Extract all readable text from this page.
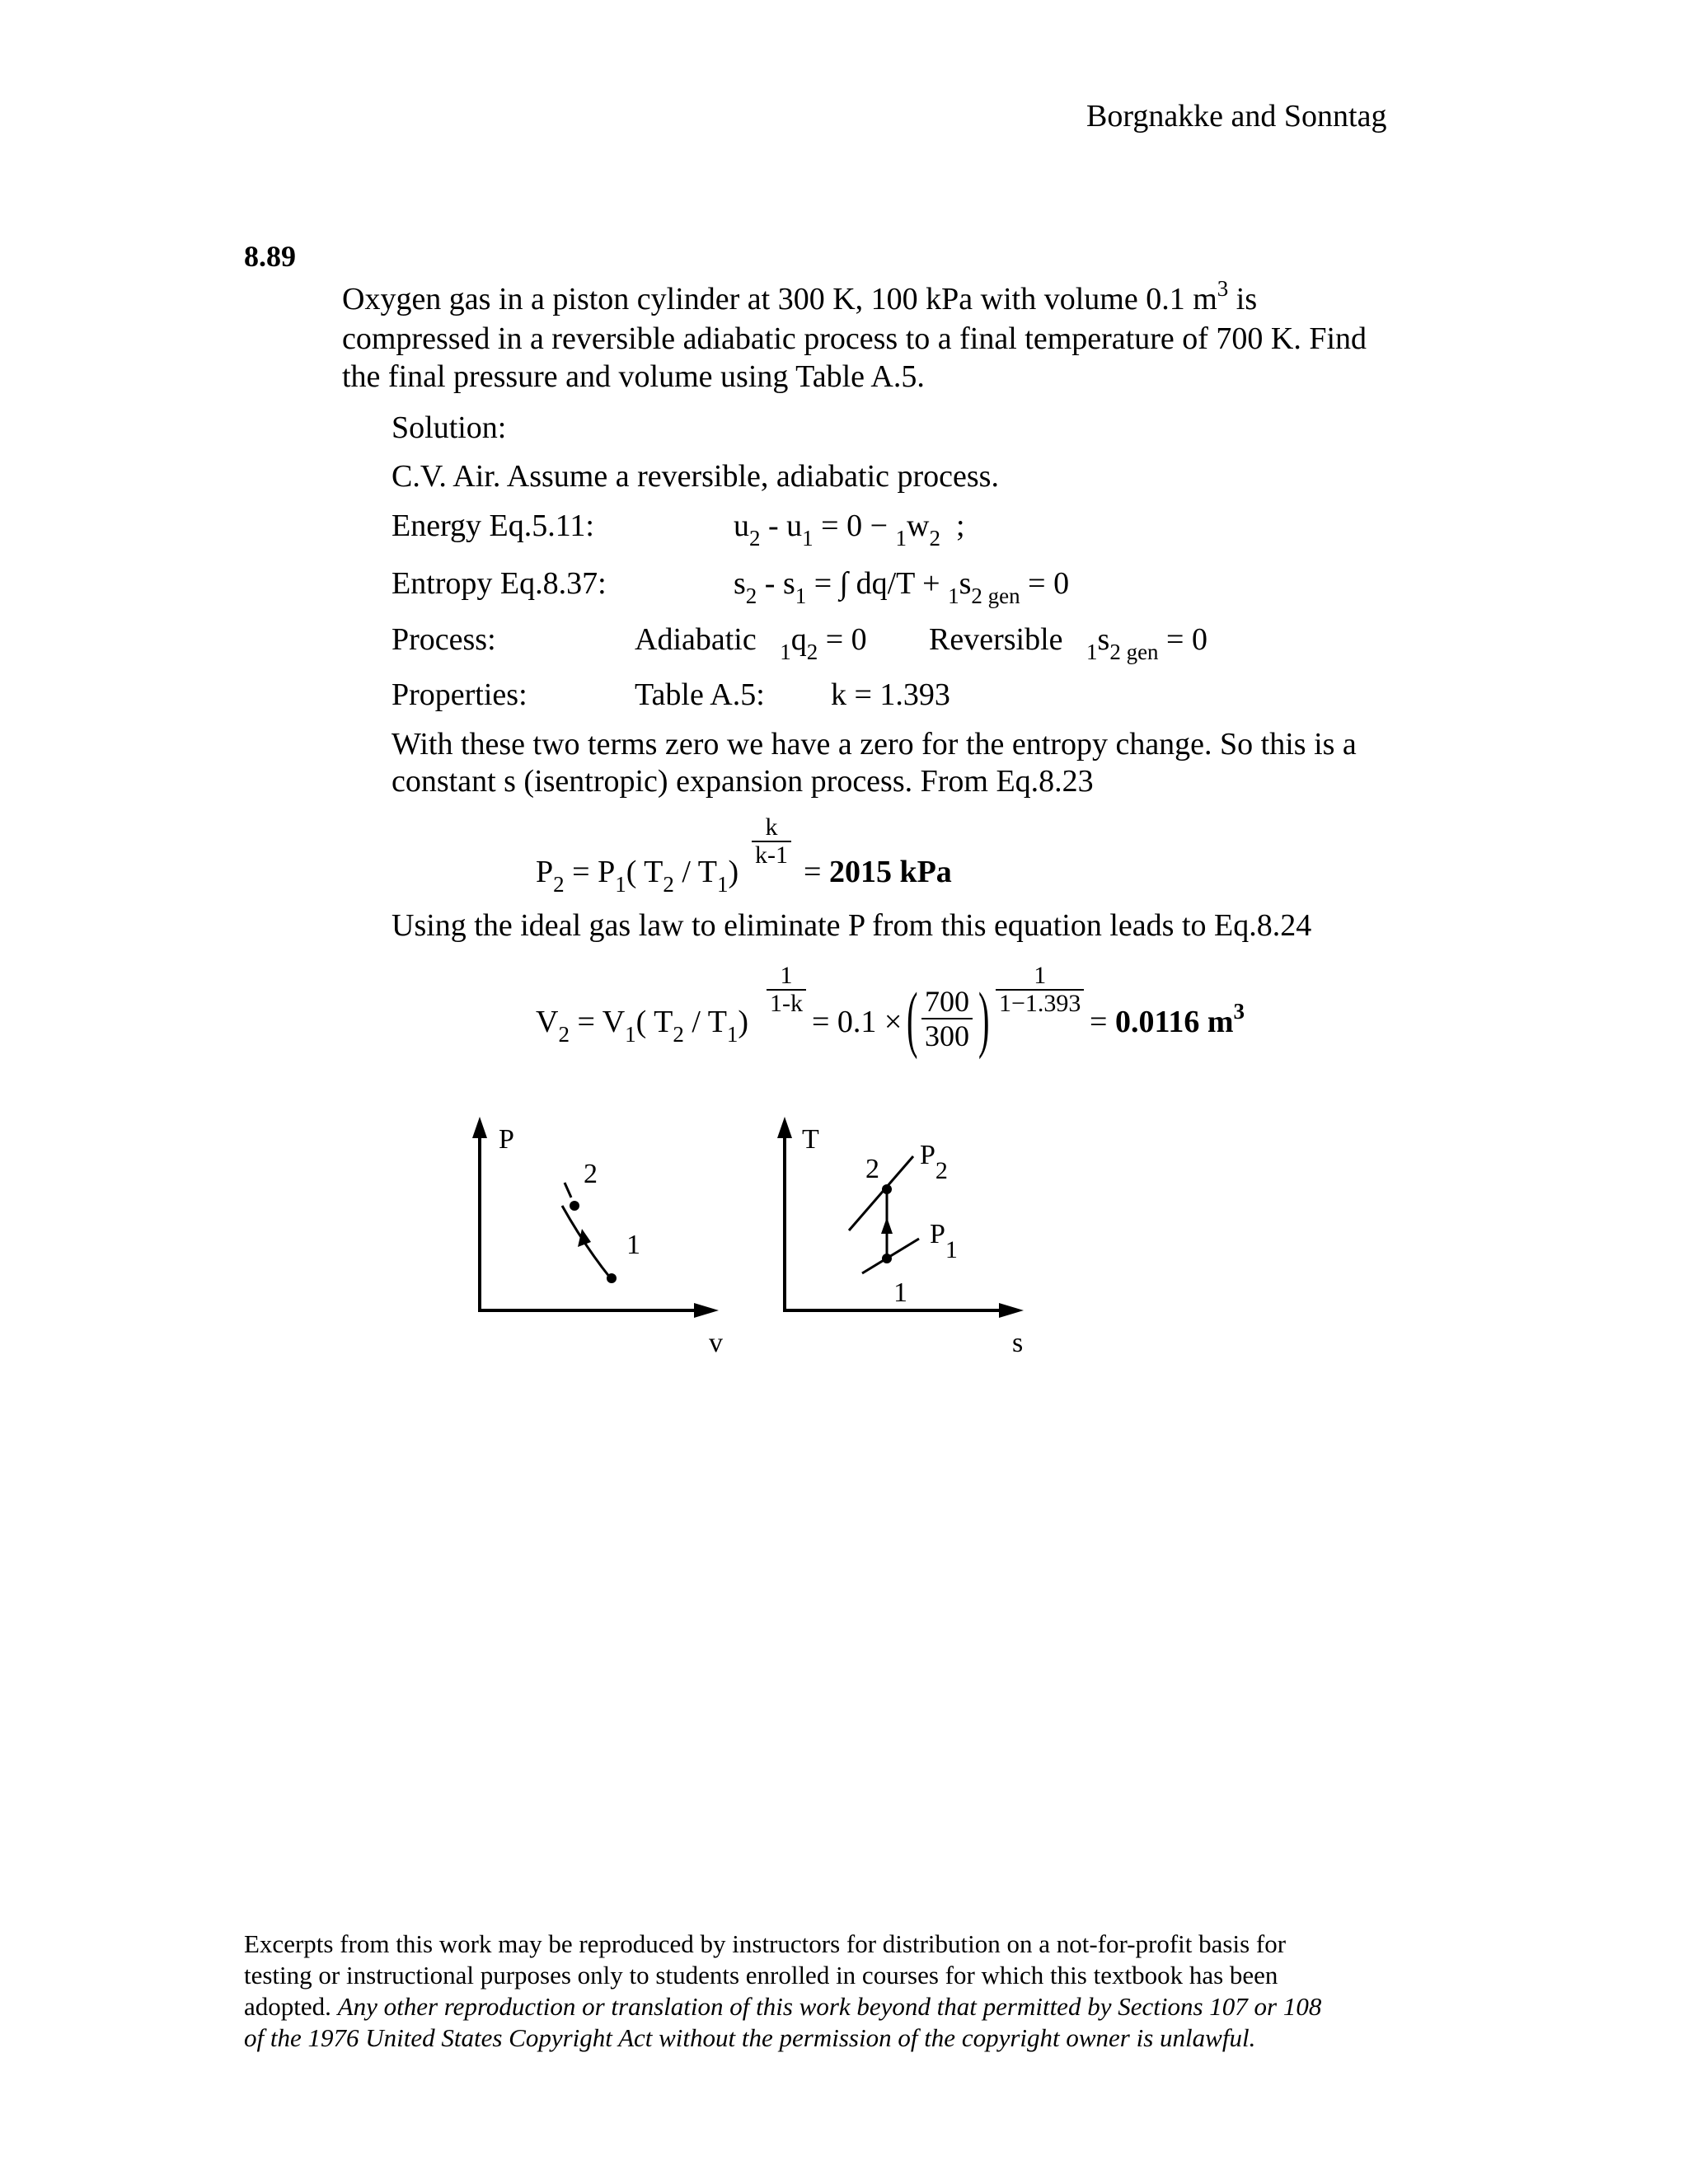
Borgnakke and Sonntag
8.89
Oxygen gas in a piston cylinder at 300 K, 100 kPa with volume 0.1 $m^3$ is
compressed in a reversible adiabatic process to a final temperature of 700 K. Find
the final pressure and volume using Table A.5.
Solution:
C.V. Air. Assume a reversible, adiabatic process.
Energy Eq.5.11:	$u_2 - u_1 = 0 - _1w_2$  ;
Entropy Eq.8.37:	$s_2 - s_1$ = ∫ $dq/T + _1s_{2 gen} = 0$
Process:	Adiabatic $_1q_2 = 0$ Reversible $_1s_{2 gen} = 0$
Properties:	Table A.5: k = 1.393
With these two terms zero we have a zero for the entropy change. So this is a
constant s (isentropic) expansion process. From Eq.8.23
$P_2 = P_1$( $T_2 / T_1$)
$\frac{k}{k-1}$
= 2015 kPa
Using the ideal gas law to eliminate P from this equation leads to Eq.8.24
$V_2 = V_1$( $T_2 / T_1$)
$\frac{1}{1-k}$
= 0.1 × ( $\frac{700}{300}$ ) $\frac{1}{1-1.393}$
= 0.0116 $m^3$
P
v
2
1
T
s
2
1
P2
P1
Excerpts from this work may be reproduced by instructors for distribution on a not-for-profit basis for
testing or instructional purposes only to students enrolled in courses for which this textbook has been
adopted. Any other reproduction or translation of this work beyond that permitted by Sections 107 or 108
of the 1976 United States Copyright Act without the permission of the copyright owner is unlawful.
